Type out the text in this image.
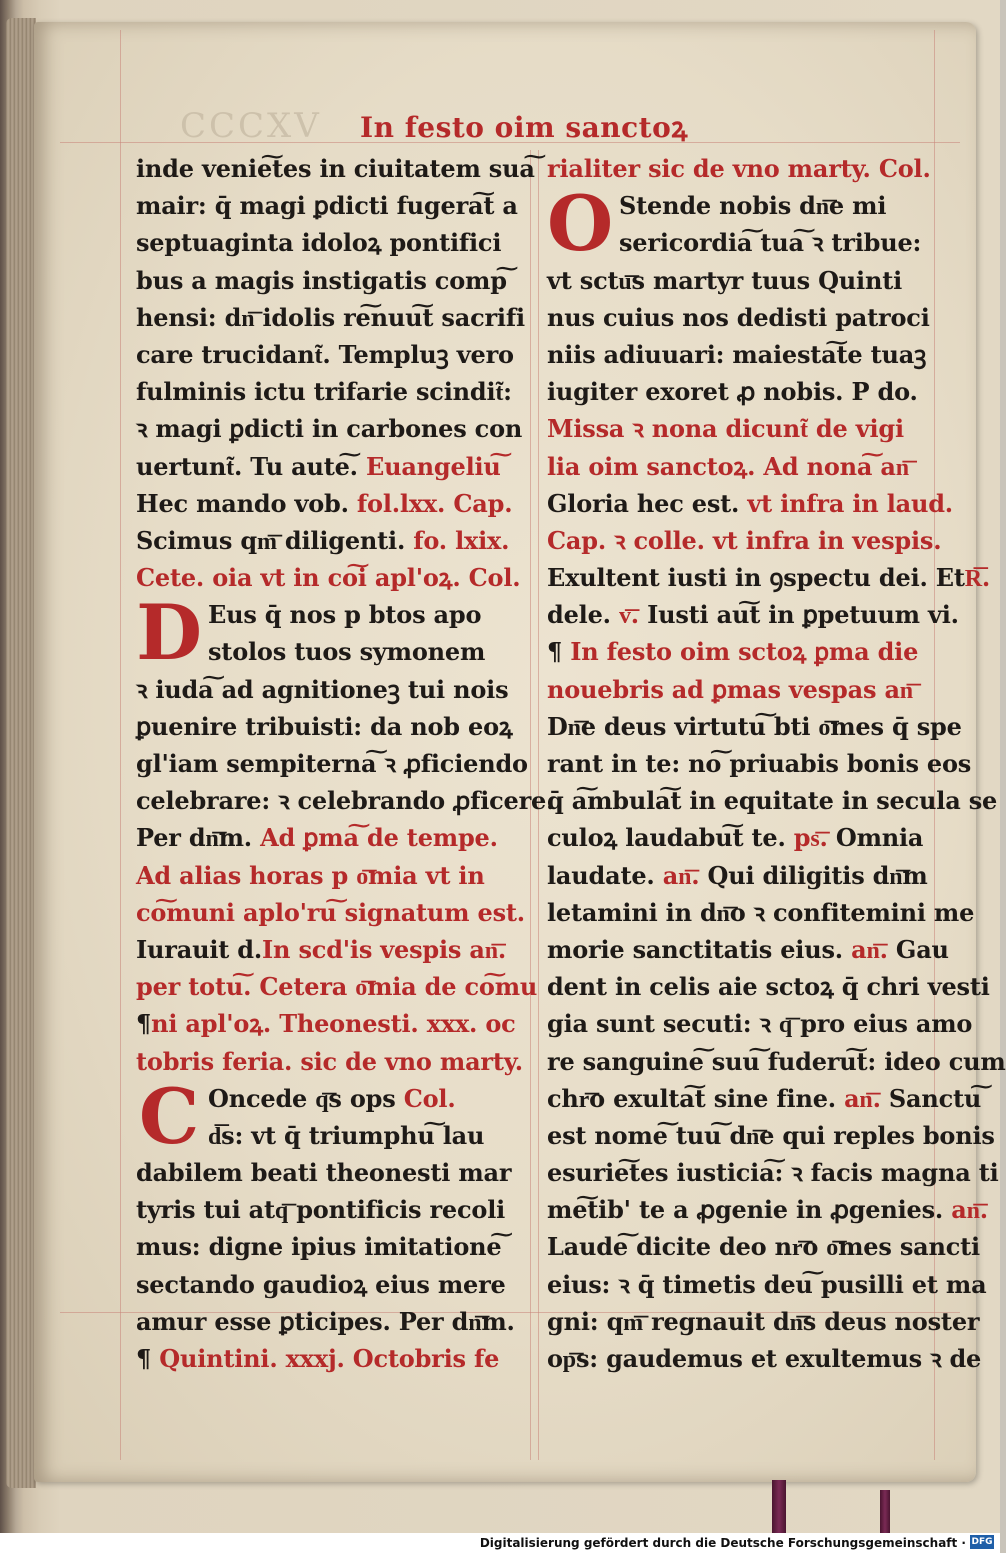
CCCXV In festo oim sanctoꝝ
inde venie͠tes in ciuitatem sua͠
mair: q̄ magi ꝑdicti fugera͠t a
septuaginta idoloꝝ pontifici
bus a magis instigatis comp͠
hensi: dn͞ idolis re͠nuu͠t sacrifi
care trucidant͂. Templuꝫ vero
fulminis ictu trifarie scindit͂:
ꝛ magi ꝑdicti in carbones con
uertunt͂. Tu aute͠. Euangeliu͠
Hec mando vob. fol.lxx. Cap.
Scimus qm͞ diligenti. fo. lxix.
Cete. oia vt in co͠i apl'oꝝ. Col.
D Eus q̄ nos p btos apo
stolos tuos symonem
ꝛ iuda͠ ad agnitioneꝫ tui nois
ꝑuenire tribuisti: da nob eoꝝ
gl'iam sempiterna͠ ꝛ ꝓficiendo
celebrare: ꝛ celebrando ꝓficere.
Per dn͞m. Ad ꝑma͠ de tempe.
Ad alias horas p o͞mia vt in
co͠muni aplo'ru͠ signatum est.
Iurauit d.In scd'is vespis an͞.
per totu͠. Cetera o͞mia de co͠mu
¶ni apl'oꝝ. Theonesti. xxx. oc
tobris feria. sic de vno marty.
C Oncede q͞s ops Col.
d͞s: vt q̄ triumphu͠ lau
dabilem beati theonesti mar
tyris tui atq͞ pontificis recoli
mus: digne ipius imitatione͠
sectando gaudioꝝ eius mere
amur esse ꝑticipes. Per dn͞m.
¶ Quintini. xxxj. Octobris fe
rialiter sic de vno marty. Col.
O Stende nobis dn͞e mi
sericordia͠ tua͠ ꝛ tribue:
vt sctu͞s martyr tuus Quinti
nus cuius nos dedisti patroci
niis adiuuari: maiesta͠te tuaꝫ
iugiter exoret ꝓ nobis. P do.
Missa ꝛ nona dicunt͂ de vigi
lia oim sanctoꝝ. Ad nona͠ an͞
Gloria hec est. vt infra in laud.
Cap. ꝛ colle. vt infra in vespis.
Exultent iusti in ꝯspectu dei. EtR͞.
dele. v͞. Iusti au͠t in ꝑpetuum vi.
¶ In festo oim sctoꝝ ꝑma die
nouebris ad ꝑmas vespas an͞
Dn͞e deus virtutu͠ bti o͞mes q̄ spe
rant in te: no͠ priuabis bonis eos
q̄ a͠mbula͠t in equitate in secula se
culoꝝ laudabu͠t te. ps͞. Omnia
laudate. an͞. Qui diligitis dn͞m
letamini in dn͞o ꝛ confitemini me
morie sanctitatis eius. an͞. Gau
dent in celis aie sctoꝝ q̄ chri vesti
gia sunt secuti: ꝛ q͞ pro eius amo
re sanguine͠ suu͠ fuderu͠t: ideo cum
chr͞o exulta͠t sine fine. an͞. Sanctu͠
est nome͠ tuu͠ dn͞e qui reples bonis
esurie͠tes iusticia͠: ꝛ facis magna ti
me͠tib' te a ꝓgenie in ꝓgenies. an͞.
Laude͠ dicite deo nr͞o o͞mes sancti
eius: ꝛ q̄ timetis deu͠ pusilli et ma
gni: qm͞ regnauit dn͞s deus noster
op͞s: gaudemus et exultemus ꝛ de
Digitalisierung gefördert durch die Deutsche Forschungsgemeinschaft · DFG
